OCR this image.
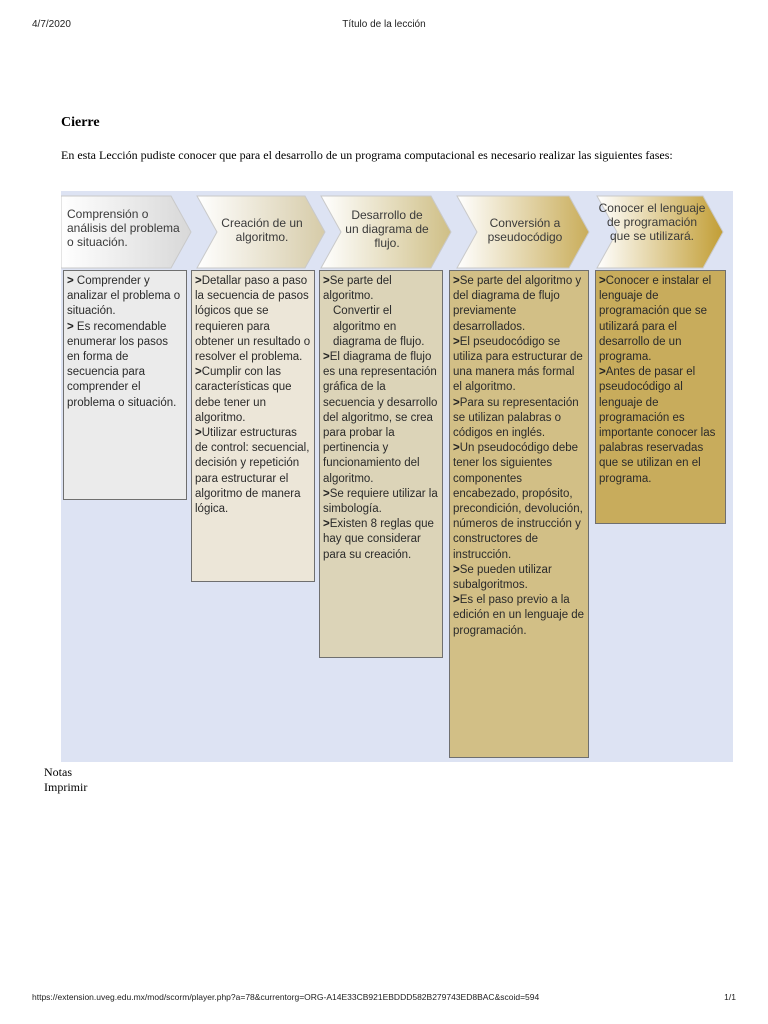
4/7/2020	Título de la lección
Cierre
En esta Lección pudiste conocer que para el desarrollo de un programa computacional es necesario realizar las siguientes fases:
Comprensión o análisis del problema o situación.
Creación de un algoritmo.
Desarrollo de un diagrama de flujo.
Conversión a pseudocódigo
Conocer el lenguaje de programación que se utilizará.

> Comprender y analizar el problema o situación.

> Es recomendable enumerar los pasos en forma de secuencia para comprender el problema o situación.

>Detallar paso a paso la secuencia de pasos lógicos que se requieren para obtener un resultado o resolver el problema.

>Cumplir con las características que debe tener un algoritmo.

>Utilizar estructuras de control: secuencial, decisión y repetición para estructurar el algoritmo de manera lógica.

>Se parte del algoritmo.

Convertir el algoritmo en diagrama de flujo.

>El diagrama de flujo es una representación gráfica de la secuencia y desarrollo del algoritmo, se crea para probar la pertinencia y funcionamiento del algoritmo.

>Se requiere utilizar la simbología.

>Existen 8 reglas que hay que considerar para su creación.

>Se parte del algoritmo y del diagrama de flujo previamente desarrollados.

>El pseudocódigo se utiliza para estructurar de una manera más formal el algoritmo.

>Para su representación se utilizan palabras o códigos en inglés.

>Un pseudocódigo debe tener los siguientes componentes encabezado, propósito, precondición, devolución, números de instrucción y constructores de instrucción.

>Se pueden utilizar subalgoritmos.

>Es el paso previo a la edición en un lenguaje de programación.

>Conocer e instalar el lenguaje de programación que se utilizará para el desarrollo de un programa.

>Antes de pasar el pseudocódigo al lenguaje de programación es importante conocer las palabras reservadas que se utilizan en el programa.

Notas
Imprimir
https://extension.uveg.edu.mx/mod/scorm/player.php?a=78&currentorg=ORG-A14E33CB921EBDDD582B279743ED8BAC&scoid=594	1/1
